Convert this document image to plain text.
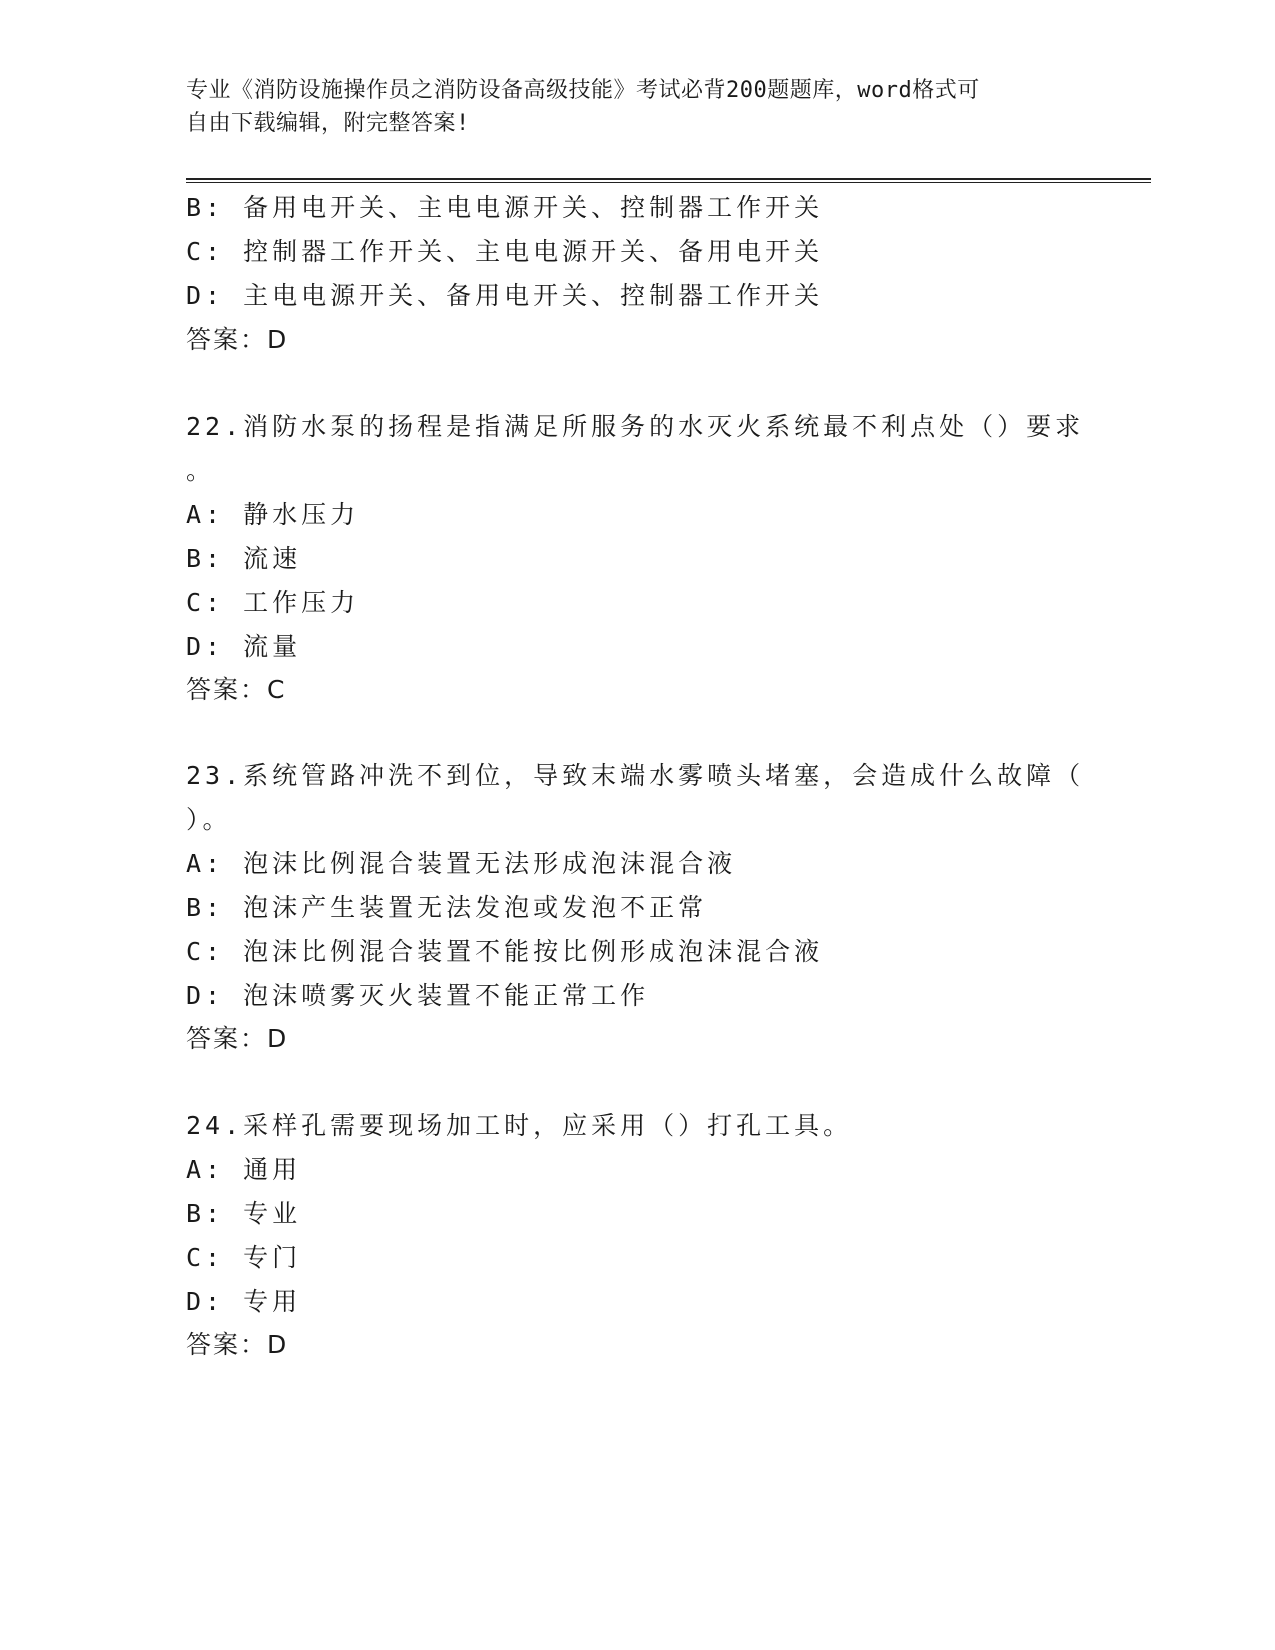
专业《消防设施操作员之消防设备高级技能》考试必背200题题库，word格式可
自由下载编辑，附完整答案!
B: 备用电开关、主电电源开关、控制器工作开关
C: 控制器工作开关、主电电源开关、备用电开关
D: 主电电源开关、备用电开关、控制器工作开关
答案：D
22.消防水泵的扬程是指满足所服务的水灭火系统最不利点处（）要求
。
A: 静水压力
B: 流速
C: 工作压力
D: 流量
答案：C
23.系统管路冲洗不到位，导致末端水雾喷头堵塞，会造成什么故障（
）。
A: 泡沫比例混合装置无法形成泡沫混合液
B: 泡沫产生装置无法发泡或发泡不正常
C: 泡沫比例混合装置不能按比例形成泡沫混合液
D: 泡沫喷雾灭火装置不能正常工作
答案：D
24.采样孔需要现场加工时，应采用（）打孔工具。
A: 通用
B: 专业
C: 专门
D: 专用
答案：D
